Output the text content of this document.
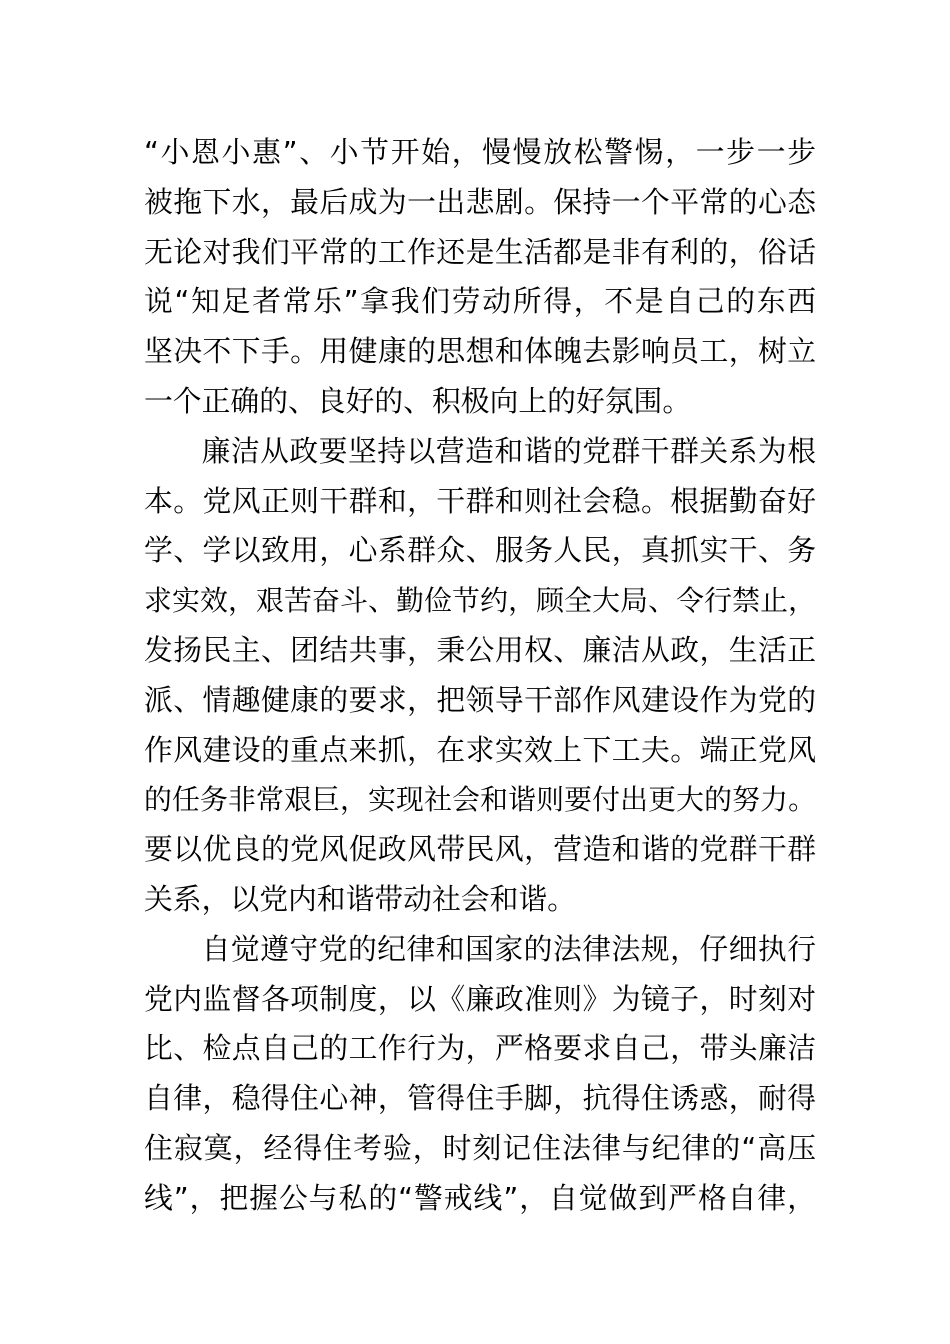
“小恩小惠”、小节开始，慢慢放松警惕，一步一步
被拖下水，最后成为一出悲剧。保持一个平常的心态
无论对我们平常的工作还是生活都是非有利的，俗话
说“知足者常乐”拿我们劳动所得，不是自己的东西
坚决不下手。用健康的思想和体魄去影响员工，树立
一个正确的、良好的、积极向上的好氛围。
廉洁从政要坚持以营造和谐的党群干群关系为根
本。党风正则干群和，干群和则社会稳。根据勤奋好
学、学以致用，心系群众、服务人民，真抓实干、务
求实效，艰苦奋斗、勤俭节约，顾全大局、令行禁止，
发扬民主、团结共事，秉公用权、廉洁从政，生活正
派、情趣健康的要求，把领导干部作风建设作为党的
作风建设的重点来抓，在求实效上下工夫。端正党风
的任务非常艰巨，实现社会和谐则要付出更大的努力。
要以优良的党风促政风带民风，营造和谐的党群干群
关系，以党内和谐带动社会和谐。
自觉遵守党的纪律和国家的法律法规，仔细执行
党内监督各项制度，以《廉政准则》为镜子，时刻对
比、检点自己的工作行为，严格要求自己，带头廉洁
自律，稳得住心神，管得住手脚，抗得住诱惑，耐得
住寂寞，经得住考验，时刻记住法律与纪律的“高压
线”，把握公与私的“警戒线”，自觉做到严格自律，
